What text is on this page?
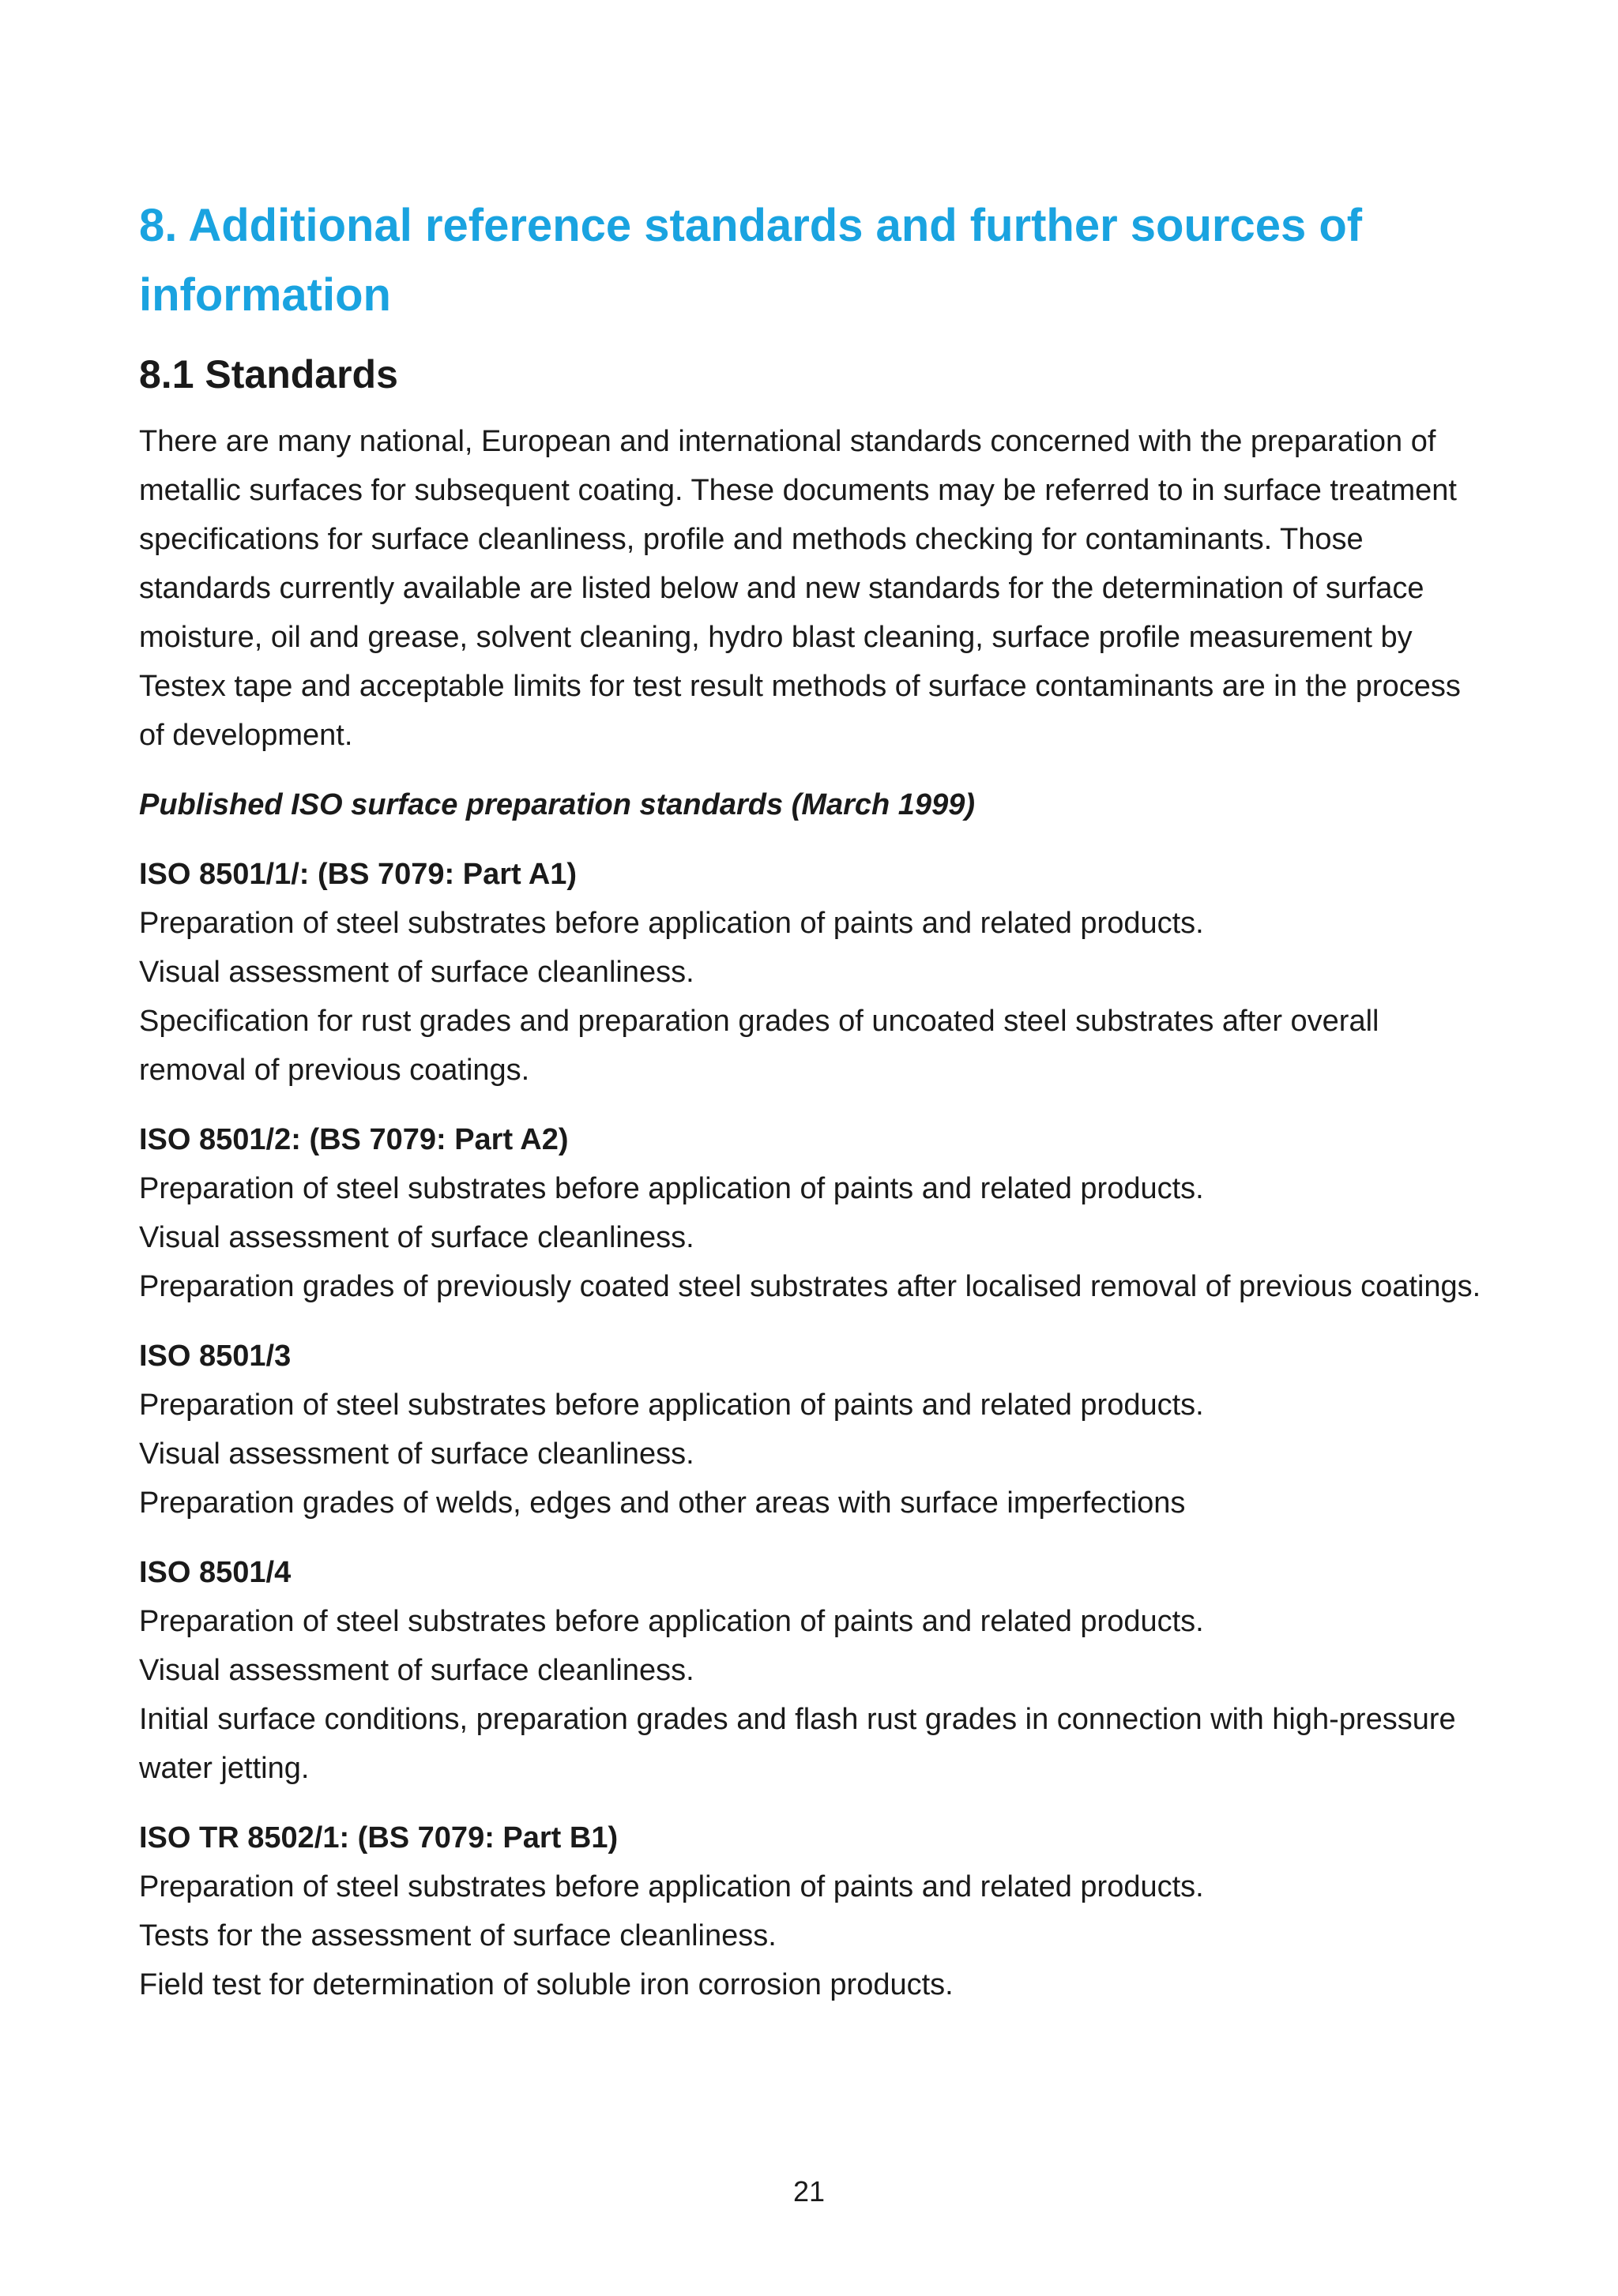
8. Additional reference standards and further sources of information
8.1 Standards

There are many national, European and international standards concerned with the preparation of metallic surfaces for subsequent coating. These documents may be referred to in surface treatment specifications for surface cleanliness, profile and methods checking for contaminants. Those standards currently available are listed below and new standards for the determination of surface moisture, oil and grease, solvent cleaning, hydro blast cleaning, surface profile measurement by Testex tape and acceptable limits for test result methods of surface contaminants are in the process of development.

Published ISO surface preparation standards (March 1999)

ISO 8501/1/: (BS 7079: Part A1)

Preparation of steel substrates before application of paints and related products.

Visual assessment of surface cleanliness.

Specification for rust grades and preparation grades of uncoated steel substrates after overall removal of previous coatings.

ISO 8501/2: (BS 7079: Part A2)

Preparation of steel substrates before application of paints and related products.

Visual assessment of surface cleanliness.

Preparation grades of previously coated steel substrates after localised removal of previous coatings.

ISO 8501/3

Preparation of steel substrates before application of paints and related products.

Visual assessment of surface cleanliness.

Preparation grades of welds, edges and other areas with surface imperfections

ISO 8501/4

Preparation of steel substrates before application of paints and related products.

Visual assessment of surface cleanliness.

Initial surface conditions, preparation grades and flash rust grades in connection with high-pressure water jetting.

ISO TR 8502/1: (BS 7079: Part B1)

Preparation of steel substrates before application of paints and related products.

Tests for the assessment of surface cleanliness.

Field test for determination of soluble iron corrosion products.

21
